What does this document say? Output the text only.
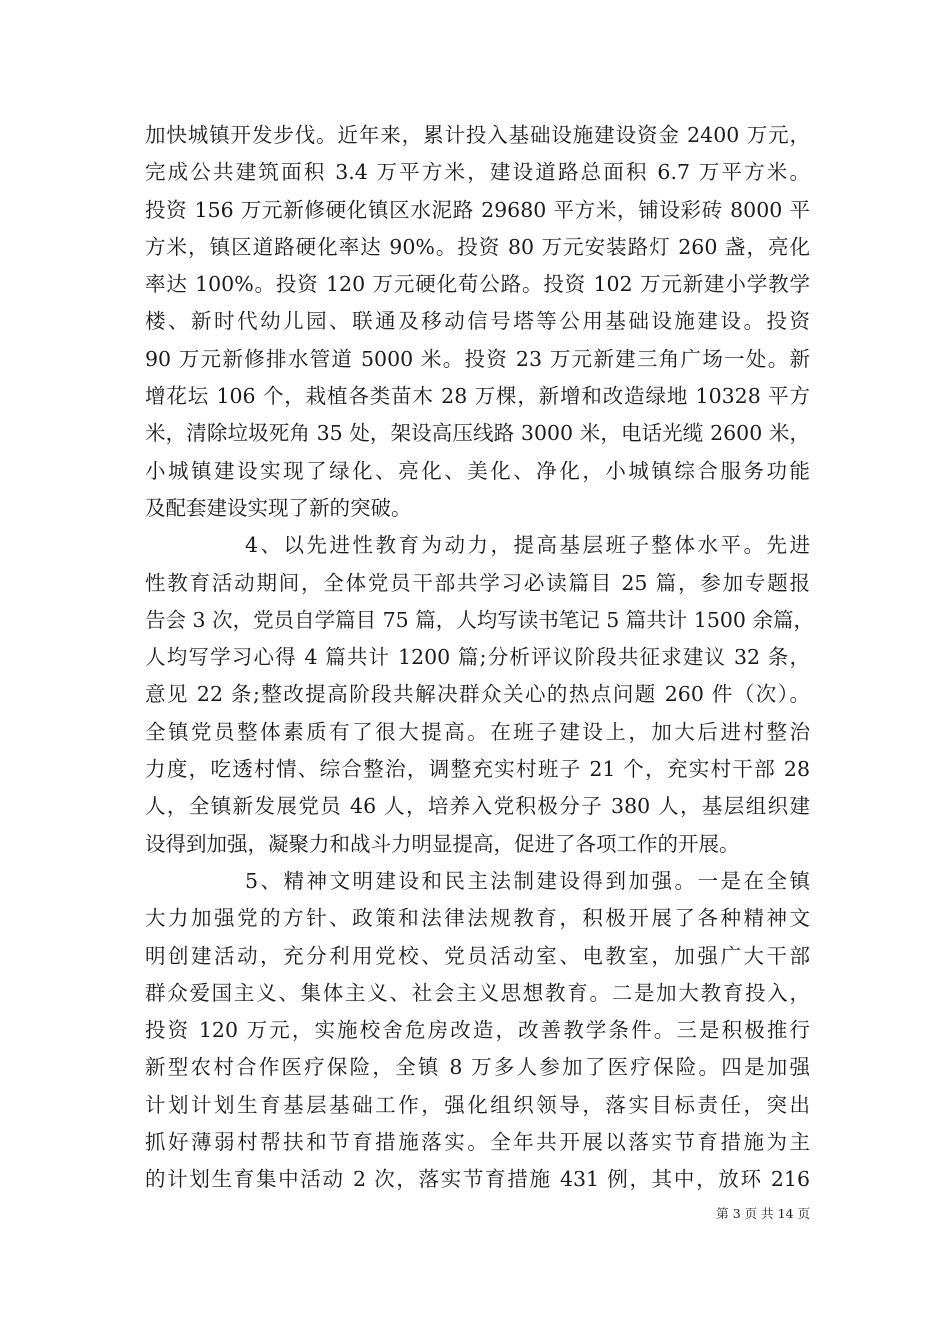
加快城镇开发步伐。近年来，累计投入基础设施建设资金 2400 万元，
完成公共建筑面积 3.4 万平方米，建设道路总面积 6.7 万平方米。
投资 156 万元新修硬化镇区水泥路 29680 平方米，铺设彩砖 8000 平
方米，镇区道路硬化率达 90%。投资 80 万元安装路灯 260 盏，亮化
率达 100%。投资 120 万元硬化荀公路。投资 102 万元新建小学教学
楼、新时代幼儿园、联通及移动信号塔等公用基础设施建设。投资
90 万元新修排水管道 5000 米。投资 23 万元新建三角广场一处。新
增花坛 106 个，栽植各类苗木 28 万棵，新增和改造绿地 10328 平方
米，清除垃圾死角 35 处，架设高压线路 3000 米，电话光缆 2600 米，
小城镇建设实现了绿化、亮化、美化、净化，小城镇综合服务功能
及配套建设实现了新的突破。
4、以先进性教育为动力，提高基层班子整体水平。先进
性教育活动期间，全体党员干部共学习必读篇目 25 篇，参加专题报
告会 3 次，党员自学篇目 75 篇，人均写读书笔记 5 篇共计 1500 余篇，
人均写学习心得 4 篇共计 1200 篇;分析评议阶段共征求建议 32 条，
意见 22 条;整改提高阶段共解决群众关心的热点问题 260 件（次）。
全镇党员整体素质有了很大提高。在班子建设上，加大后进村整治
力度，吃透村情、综合整治，调整充实村班子 21 个，充实村干部 28
人，全镇新发展党员 46 人，培养入党积极分子 380 人，基层组织建
设得到加强，凝聚力和战斗力明显提高，促进了各项工作的开展。
5、精神文明建设和民主法制建设得到加强。一是在全镇
大力加强党的方针、政策和法律法规教育，积极开展了各种精神文
明创建活动，充分利用党校、党员活动室、电教室，加强广大干部
群众爱国主义、集体主义、社会主义思想教育。二是加大教育投入，
投资 120 万元，实施校舍危房改造，改善教学条件。三是积极推行
新型农村合作医疗保险，全镇 8 万多人参加了医疗保险。四是加强
计划计划生育基层基础工作，强化组织领导，落实目标责任，突出
抓好薄弱村帮扶和节育措施落实。全年共开展以落实节育措施为主
的计划生育集中活动 2 次，落实节育措施 431 例，其中，放环 216
第 3 页 共 14 页
